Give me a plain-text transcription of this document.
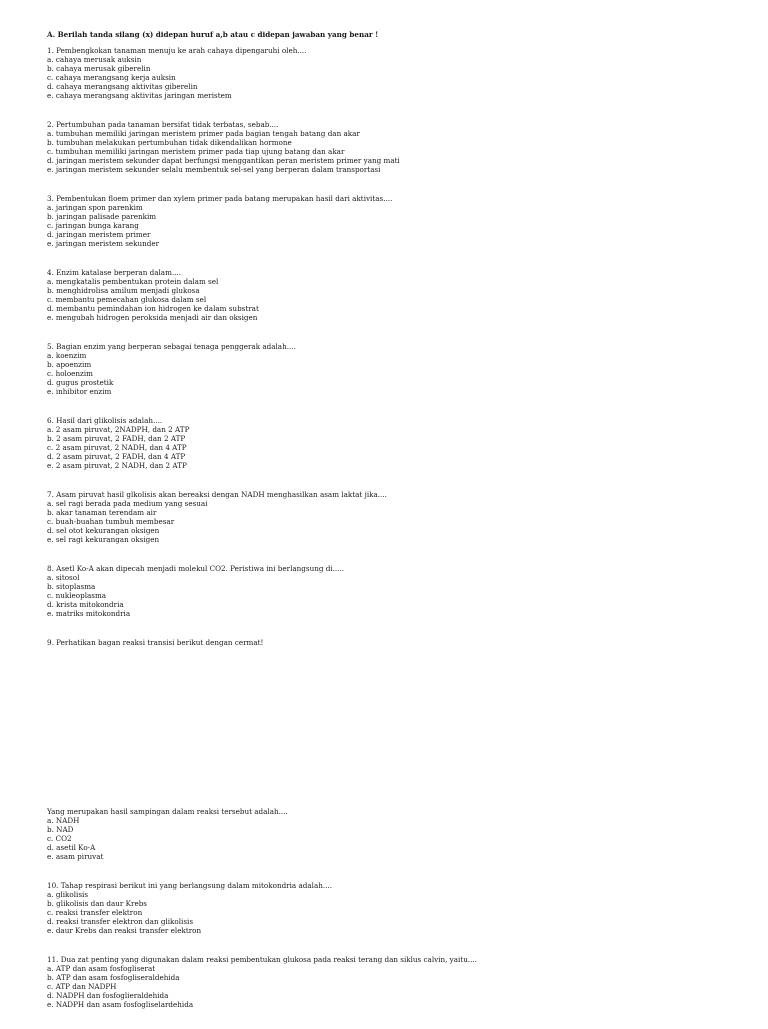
A. Berilah tanda silang (x) didepan huruf a,b atau c didepan jawaban yang benar !
1. Pembengkokan tanaman menuju ke arah cahaya dipengaruhi oleh....
a. cahaya merusak auksin
b. cahaya merusak giberelin
c. cahaya merangsang kerja auksin
d. cahaya merangsang aktivitas giberelin
e. cahaya merangsang aktivitas jaringan meristem
2. Pertumbuhan pada tanaman bersifat tidak terbatas, sebab....
a. tumbuhan memiliki jaringan meristem primer pada bagian tengah batang dan akar
b. tumbuhan melakukan pertumbuhan tidak dikendalikan hormone
c. tumbuhan memiliki jaringan meristem primer pada tiap ujung batang dan akar
d. jaringan meristem sekunder dapat berfungsi menggantikan peran meristem primer yang mati
e. jaringan meristem sekunder selalu membentuk sel-sel yang berperan dalam transportasi
3. Pembentukan floem primer dan xylem primer pada batang merupakan hasil dari aktivitas....
a. jaringan spon parenkim
b. jaringan palisade parenkim
c. jaringan bunga karang
d. jaringan meristem primer
e. jaringan meristem sekunder
4. Enzim katalase berperan dalam....
a. mengkatalis pembentukan protein dalam sel
b. menghidrolisa amilum menjadi glukosa
c. membantu pemecahan glukosa dalam sel
d. membantu pemindahan ion hidrogen ke dalam substrat
e. mengubah hidrogen peroksida menjadi air dan oksigen
5. Bagian enzim yang berperan sebagai tenaga penggerak adalah....
a. koenzim
b. apoenzim
c. holoenzim
d. gugus prostetik
e. inhibitor enzim
6. Hasil dari glikolisis adalah....
a. 2 asam piruvat, 2NADPH, dan 2 ATP
b. 2 asam piruvat, 2 FADH, dan 2 ATP
c. 2 asam piruvat, 2 NADH, dan 4 ATP
d. 2 asam piruvat, 2 FADH, dan 4 ATP
e. 2 asam piruvat, 2 NADH, dan 2 ATP
7. Asam piruvat hasil glkolisis akan bereaksi dengan NADH menghasilkan asam laktat jika....
a. sel ragi berada pada medium yang sesuai
b. akar tanaman terendam air
c. buah-buahan tumbuh membesar
d. sel otot kekurangan oksigen
e. sel ragi kekurangan oksigen
8. Asetl Ko-A akan dipecah menjadi molekul CO2. Peristiwa ini berlangsung di.....
a. sitosol
b. sitoplasma
c. nukleoplasma
d. krista mitokondria
e. matriks mitokondria
9. Perhatikan bagan reaksi transisi berikut dengan cermat!
Yang merupakan hasil sampingan dalam reaksi tersebut adalah....
a. NADH
b. NAD
c. CO2
d. asetil Ko-A
e. asam piruvat
10. Tahap respirasi berikut ini yang berlangsung dalam mitokondria adalah....
a. glikolisis
b. glikolisis dan daur Krebs
c. reaksi transfer elektron
d. reaksi transfer elektron dan glikolisis
e. daur Krebs dan reaksi transfer elektron
11. Dua zat penting yang digunakan dalam reaksi pembentukan glukosa pada reaksi terang dan siklus calvin, yaitu....
a. ATP dan asam fosfogliserat
b. ATP dan asam fosfogliseraldehida
c. ATP dan NADPH
d. NADPH dan fosfoglieraldehida
e. NADPH dan asam fosfogliselardehida
